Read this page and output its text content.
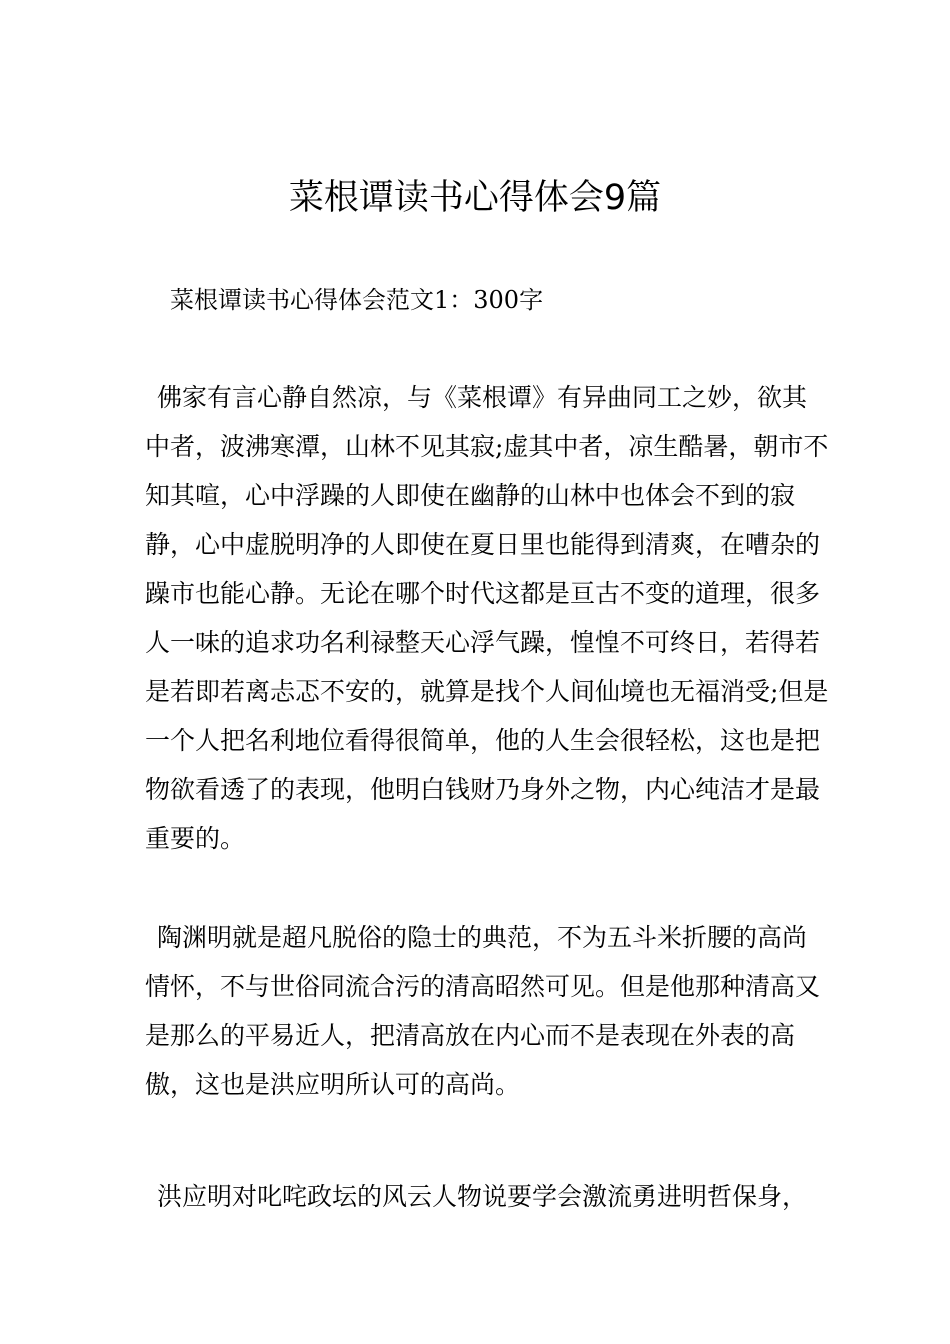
菜根谭读书心得体会9篇

菜根谭读书心得体会范文1：300字

佛家有言心静自然凉，与《菜根谭》有异曲同工之妙，欲其中者，波沸寒潭，山林不见其寂;虚其中者，凉生酷暑，朝市不知其喧，心中浮躁的人即使在幽静的山林中也体会不到的寂静，心中虚脱明净的人即使在夏日里也能得到清爽，在嘈杂的躁市也能心静。无论在哪个时代这都是亘古不变的道理，很多人一味的追求功名利禄整天心浮气躁，惶惶不可终日，若得若是若即若离忐忑不安的，就算是找个人间仙境也无福消受;但是一个人把名利地位看得很简单，他的人生会很轻松，这也是把物欲看透了的表现，他明白钱财乃身外之物，内心纯洁才是最重要的。

陶渊明就是超凡脱俗的隐士的典范，不为五斗米折腰的高尚情怀，不与世俗同流合污的清高昭然可见。但是他那种清高又是那么的平易近人，把清高放在内心而不是表现在外表的高傲，这也是洪应明所认可的高尚。

洪应明对叱咤政坛的风云人物说要学会激流勇进明哲保身，
